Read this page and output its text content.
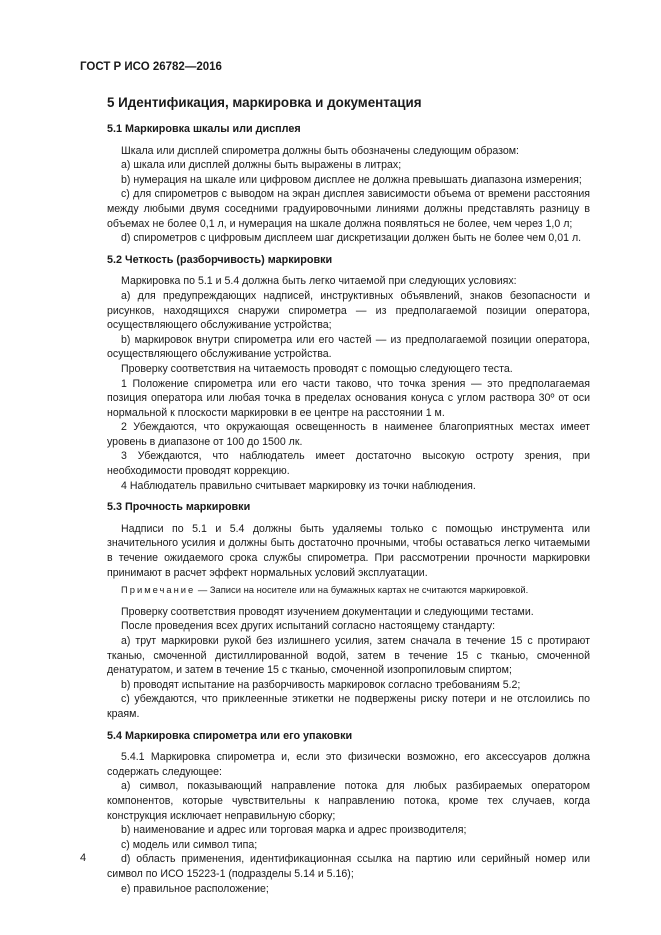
ГОСТ Р ИСО 26782—2016
5 Идентификация, маркировка и документация
5.1 Маркировка шкалы или дисплея

Шкала или дисплей спирометра должны быть обозначены следующим образом:

а) шкала или дисплей должны быть выражены в литрах;

b) нумерация на шкале или цифровом дисплее не должна превышать диапазона измерения;

c) для спирометров с выводом на экран дисплея зависимости объема от времени расстояния между любыми двумя соседними градуировочными линиями должны представлять разницу в объемах не более 0,1 л, и нумерация на шкале должна появляться не более, чем через 1,0 л;

d) спирометров с цифровым дисплеем шаг дискретизации должен быть не более чем 0,01 л.

5.2 Четкость (разборчивость) маркировки

Маркировка по 5.1 и 5.4 должна быть легко читаемой при следующих условиях:

а) для предупреждающих надписей, инструктивных объявлений, знаков безопасности и рисунков, находящихся снаружи спирометра — из предполагаемой позиции оператора, осуществляющего обслуживание устройства;

b) маркировок внутри спирометра или его частей — из предполагаемой позиции оператора, осуществляющего обслуживание устройства.

Проверку соответствия на читаемость проводят с помощью следующего теста.

1 Положение спирометра или его части таково, что точка зрения — это предполагаемая позиция оператора или любая точка в пределах основания конуса с углом раствора 30º от оси нормальной к плоскости маркировки в ее центре на расстоянии 1 м.

2 Убеждаются, что окружающая освещенность в наименее благоприятных местах имеет уровень в диапазоне от 100 до 1500 лк.

3 Убеждаются, что наблюдатель имеет достаточно высокую остроту зрения, при необходимости проводят коррекцию.

4 Наблюдатель правильно считывает маркировку из точки наблюдения.

5.3 Прочность маркировки

Надписи по 5.1 и 5.4 должны быть удаляемы только с помощью инструмента или значительного усилия и должны быть достаточно прочными, чтобы оставаться легко читаемыми в течение ожидаемого срока службы спирометра. При рассмотрении прочности маркировки принимают в расчет эффект нормальных условий эксплуатации.

Примечание — Записи на носителе или на бумажных картах не считаются маркировкой.

Проверку соответствия проводят изучением документации и следующими тестами.

После проведения всех других испытаний согласно настоящему стандарту:

а) трут маркировки рукой без излишнего усилия, затем сначала в течение 15 с протирают тканью, смоченной дистиллированной водой, затем в течение 15 с тканью, смоченной денатуратом, и затем в течение 15 с тканью, смоченной изопропиловым спиртом;

b) проводят испытание на разборчивость маркировок согласно требованиям 5.2;

c) убеждаются, что приклеенные этикетки не подвержены риску потери и не отслоились по краям.

5.4 Маркировка спирометра или его упаковки

5.4.1 Маркировка спирометра и, если это физически возможно, его аксессуаров должна содержать следующее:

а) символ, показывающий направление потока для любых разбираемых оператором компонентов, которые чувствительны к направлению потока, кроме тех случаев, когда конструкция исключает неправильную сборку;

b) наименование и адрес или торговая марка и адрес производителя;

c) модель или символ типа;

d) область применения, идентификационная ссылка на партию или серийный номер или символ по ИСО 15223-1 (подразделы 5.14 и 5.16);

е) правильное расположение;

4
